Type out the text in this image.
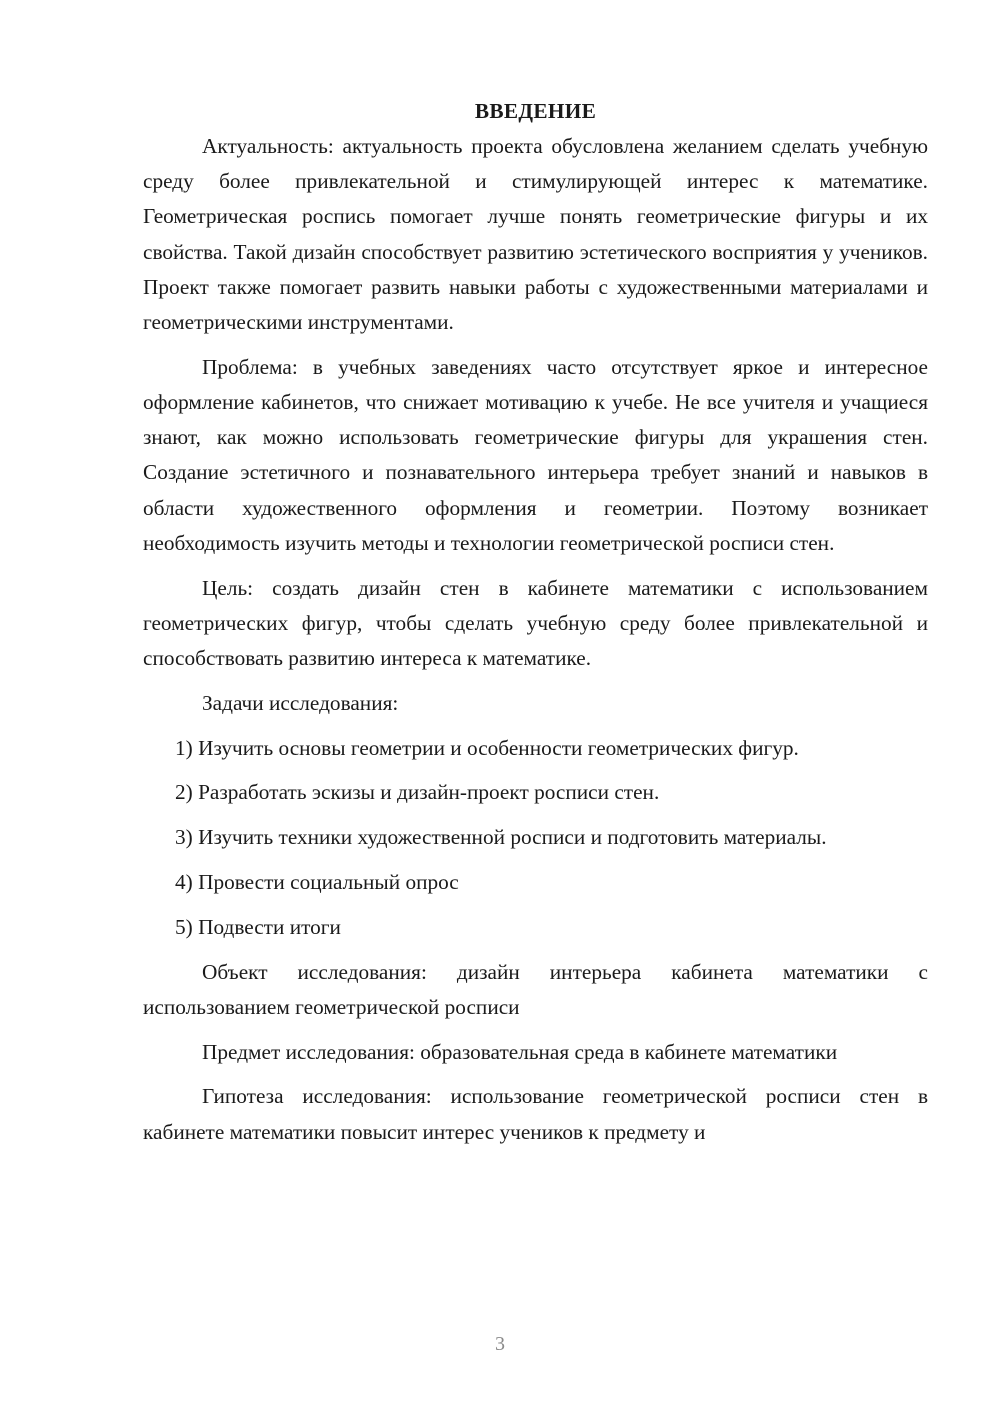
ВВЕДЕНИЕ

Актуальность: актуальность проекта обусловлена желанием сделать учебную среду более привлекательной и стимулирующей интерес к математике. Геометрическая роспись помогает лучше понять геометрические фигуры и их свойства. Такой дизайн способствует развитию эстетического восприятия у учеников. Проект также помогает развить навыки работы с художественными материалами и геометрическими инструментами.

Проблема: в учебных заведениях часто отсутствует яркое и интересное оформление кабинетов, что снижает мотивацию к учебе. Не все учителя и учащиеся знают, как можно использовать геометрические фигуры для украшения стен. Создание эстетичного и познавательного интерьера требует знаний и навыков в области художественного оформления и геометрии. Поэтому возникает необходимость изучить методы и технологии геометрической росписи стен.

Цель: создать дизайн стен в кабинете математики с использованием геометрических фигур, чтобы сделать учебную среду более привлекательной и способствовать развитию интереса к математике.

Задачи исследования:

1) Изучить основы геометрии и особенности геометрических фигур.

2) Разработать эскизы и дизайн-проект росписи стен.

3) Изучить техники художественной росписи и подготовить материалы.

4) Провести социальный опрос

5) Подвести итоги

Объект исследования: дизайн интерьера кабинета математики с использованием геометрической росписи

Предмет исследования: образовательная среда в кабинете математики

Гипотеза исследования: использование геометрической росписи стен в кабинете математики повысит интерес учеников к предмету и

3
